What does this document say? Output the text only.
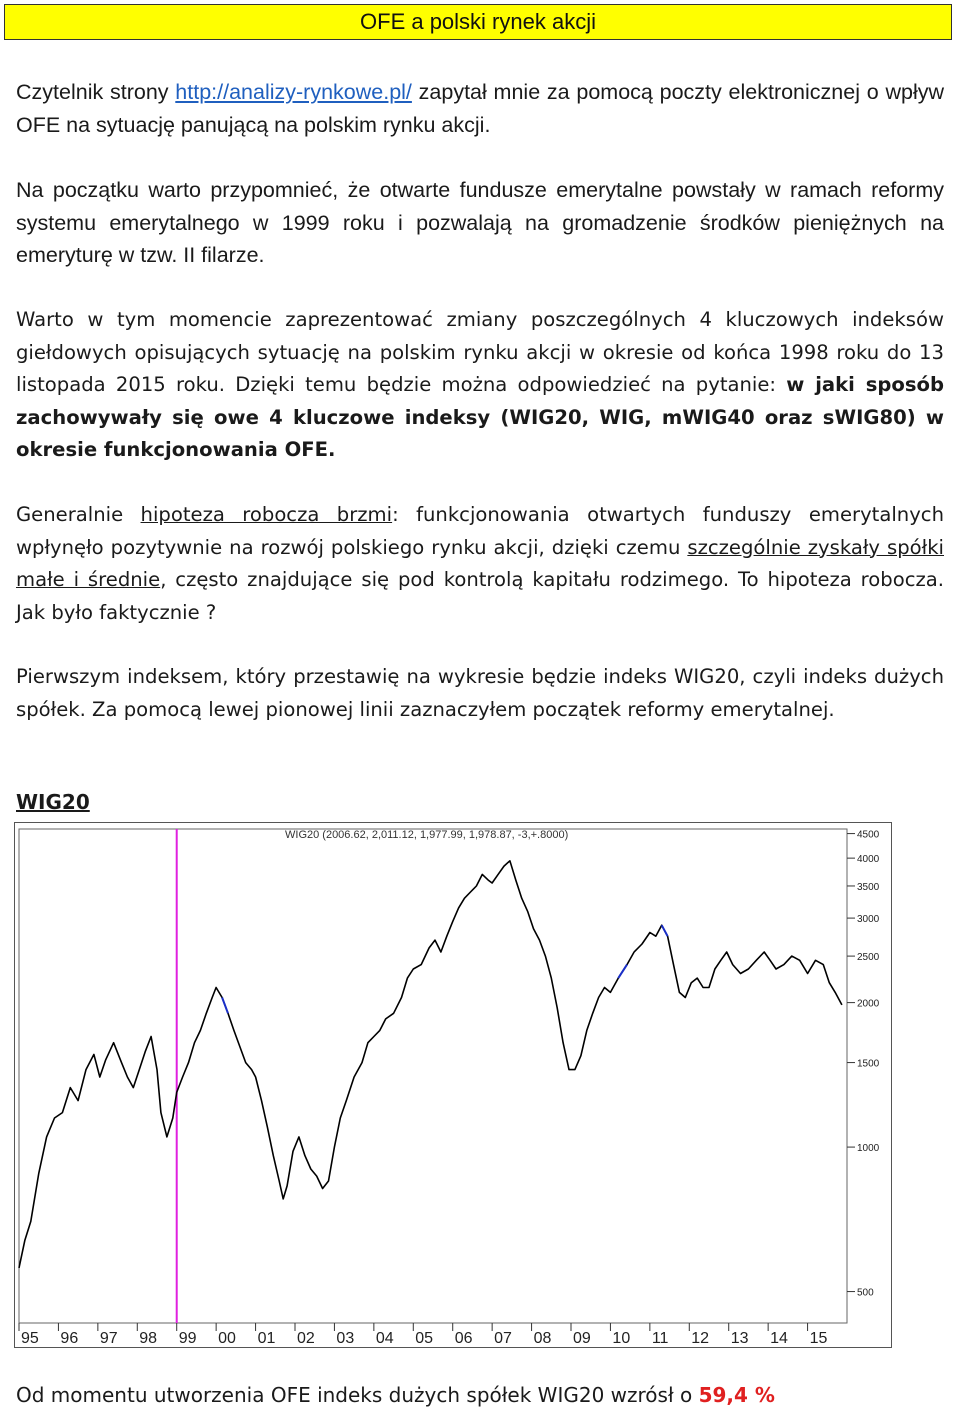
OFE a polski rynek akcji

Czytelnik strony http://analizy-rynkowe.pl/ zapytał mnie za pomocą poczty elektronicznej o wpływ OFE na sytuację panującą na polskim rynku akcji.

Na początku warto przypomnieć, że otwarte fundusze emerytalne powstały w ramach reformy systemu emerytalnego w 1999 roku i pozwalają na gromadzenie środków pieniężnych na emeryturę w tzw. II filarze.

Warto w tym momencie zaprezentować zmiany poszczególnych 4 kluczowych indeksów giełdowych opisujących sytuację na polskim rynku akcji w okresie od końca 1998 roku do 13 listopada 2015 roku. Dzięki temu będzie można odpowiedzieć na pytanie: w jaki sposób zachowywały się owe 4 kluczowe indeksy (WIG20, WIG, mWIG40 oraz sWIG80) w okresie funkcjonowania OFE.

Generalnie hipoteza robocza brzmi: funkcjonowania otwartych funduszy emerytalnych wpłynęło pozytywnie na rozwój polskiego rynku akcji, dzięki czemu szczególnie zyskały spółki małe i średnie, często znajdujące się pod kontrolą kapitału rodzimego. To hipoteza robocza. Jak było faktycznie ?

Pierwszym indeksem, który przestawię na wykresie będzie indeks WIG20, czyli indeks dużych spółek. Za pomocą lewej pionowej linii zaznaczyłem początek reformy emerytalnej.

WIG20

WIG20 (2006.62, 2,011.12, 1,977.99, 1,978.87, -3,+.8000)
500
1000
1500
2000
2500
3000
3500
4000
4500
95 96 97 98 99 00 01 02 03 04 05 06 07 08 09 10 11 12 13 14 15

Od momentu utworzenia OFE indeks dużych spółek WIG20 wzrósł o 59,4 %
